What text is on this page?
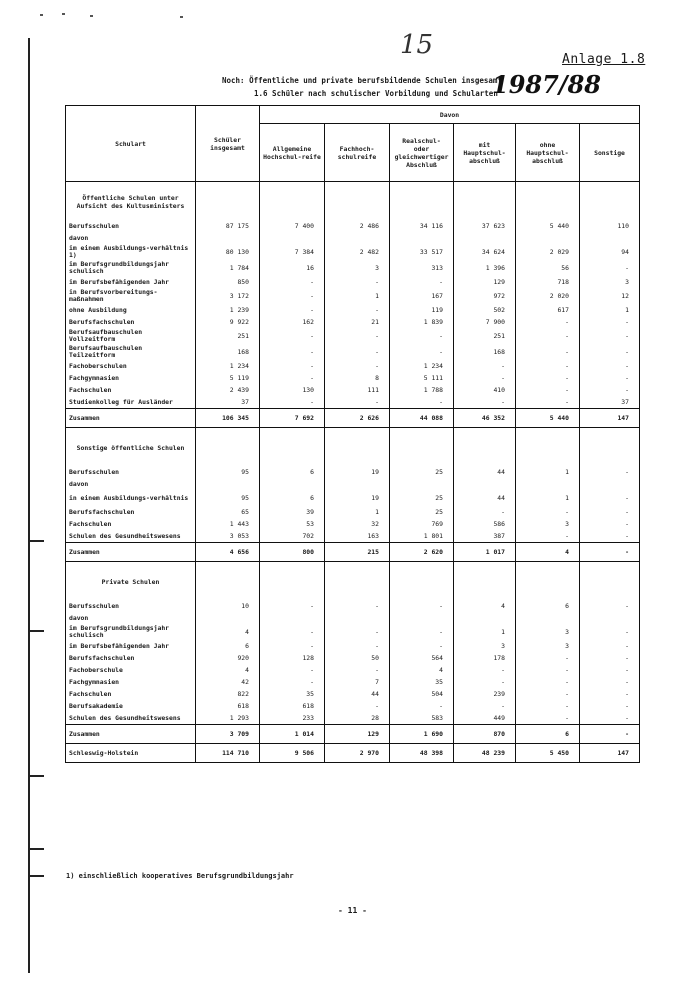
15	Anlage 1.8
Noch: Öffentliche und private berufsbildende Schulen insgesamt
1.6 Schüler nach schulischer Vorbildung und Schularten
1987/88
Schulart	Schüler insgesamt	Davon					
		Allgemeine Hochschul-reife	Fachhoch-schulreife	Realschul- oder gleichwertiger Abschluß	mit Hauptschul-abschluß	ohne Hauptschul-abschluß	Sonstige
Öffentliche Schulen unter Aufsicht des Kultusministers							
Berufsschulen	87 175	7 400	2 486	34 116	37 623	5 440	110
davon							
im einem Ausbildungs-verhältnis 1)	80 130	7 384	2 482	33 517	34 624	2 029	94
im Berufsgrundbildungsjahr schulisch	1 784	16	3	313	1 396	56	-
im Berufsbefähigenden Jahr	850	-	-	-	129	718	3
in Berufsvorbereitungs-maßnahmen	3 172	-	1	167	972	2 020	12
ohne Ausbildung	1 239	-	-	119	502	617	1
Berufsfachschulen	9 922	162	21	1 839	7 900	-	-
Berufsaufbauschulen Vollzeitform	251	-	-	-	251	-	-
Berufsaufbauschulen Teilzeitform	168	-	-	-	168	-	-
Fachoberschulen	1 234	-	-	1 234	-	-	-
Fachgymnasien	5 119	-	8	5 111	-	-	-
Fachschulen	2 439	130	111	1 788	410	-	-
Studienkolleg für Ausländer	37	-	-	-	-	-	37
Zusammen	106 345	7 692	2 626	44 088	46 352	5 440	147
Sonstige öffentliche Schulen							
Berufsschulen	95	6	19	25	44	1	-
davon							
in einem Ausbildungs-verhältnis	95	6	19	25	44	1	-
Berufsfachschulen	65	39	1	25	-	-	-
Fachschulen	1 443	53	32	769	586	3	-
Schulen des Gesundheitswesens	3 053	702	163	1 801	387	-	-
Zusammen	4 656	800	215	2 620	1 017	4	-
Private Schulen							
Berufsschulen	10	-	-	-	4	6	-
davon							
im Berufsgrundbildungsjahr schulisch	4	-	-	-	1	3	-
im Berufsbefähigenden Jahr	6	-	-	-	3	3	-
Berufsfachschulen	920	128	50	564	178	-	-
Fachoberschule	4	-	-	4	-	-	-
Fachgymnasien	42	-	7	35	-	-	-
Fachschulen	822	35	44	504	239	-	-
Berufsakademie	618	618	-	-	-	-	-
Schulen des Gesundheitswesens	1 293	233	28	583	449	-	-
Zusammen	3 709	1 014	129	1 690	870	6	-
Schleswig-Holstein	114 710	9 506	2 970	48 398	48 239	5 450	147
1) einschließlich kooperatives Berufsgrundbildungsjahr
- 11 -
